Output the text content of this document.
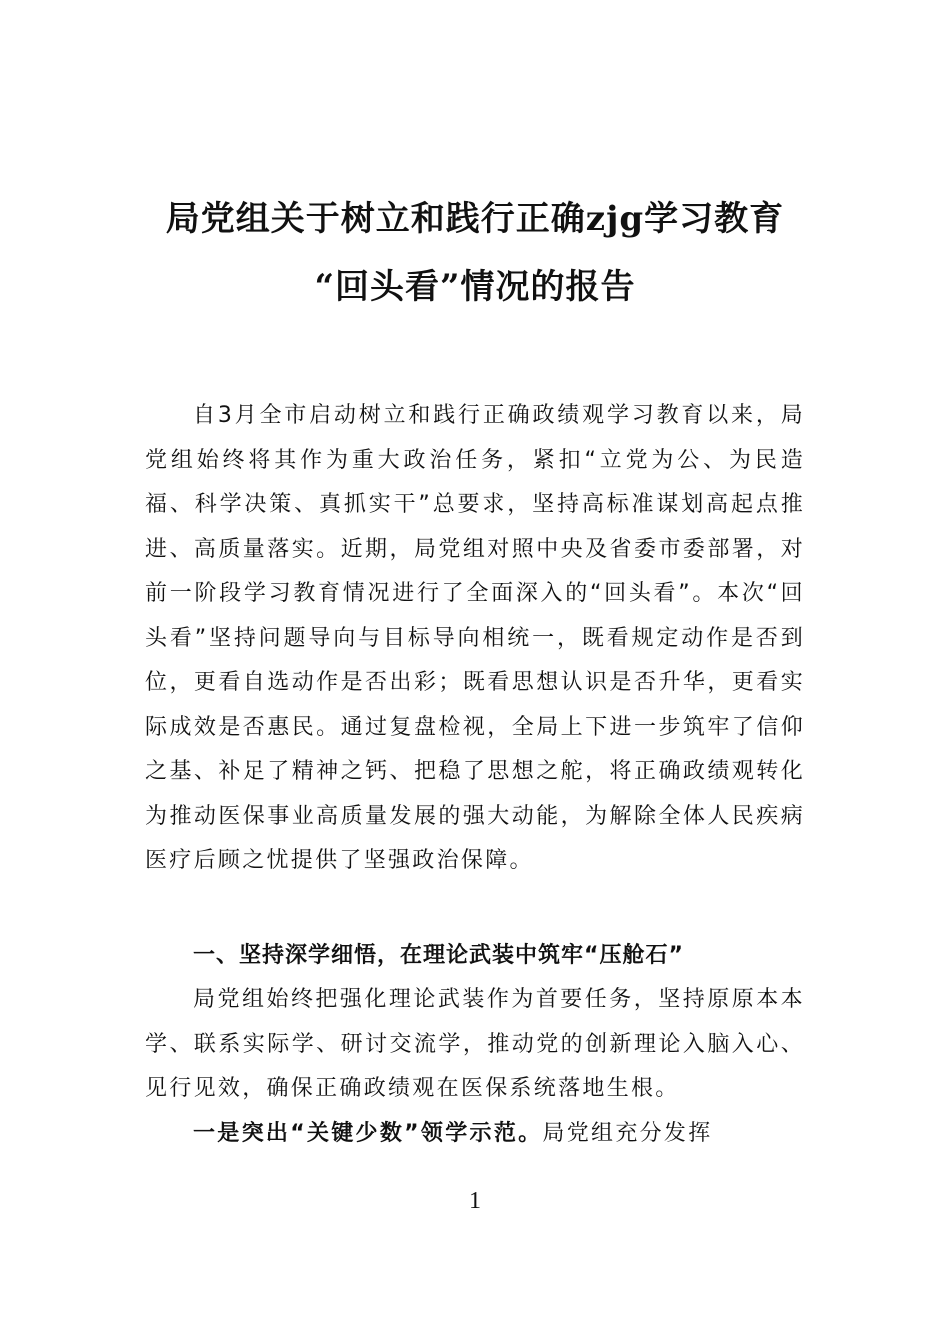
局党组关于树立和践行正确zjg学习教育
“回头看”情况的报告

自3月全市启动树立和践行正确政绩观学习教育以来，局党组始终将其作为重大政治任务，紧扣“立党为公、为民造福、科学决策、真抓实干”总要求，坚持高标准谋划高起点推进、高质量落实。近期，局党组对照中央及省委市委部署，对前一阶段学习教育情况进行了全面深入的“回头看”。本次“回头看”坚持问题导向与目标导向相统一，既看规定动作是否到位，更看自选动作是否出彩；既看思想认识是否升华，更看实际成效是否惠民。通过复盘检视，全局上下进一步筑牢了信仰之基、补足了精神之钙、把稳了思想之舵，将正确政绩观转化为推动医保事业高质量发展的强大动能，为解除全体人民疾病医疗后顾之忧提供了坚强政治保障。

一、坚持深学细悟，在理论武装中筑牢“压舱石”

局党组始终把强化理论武装作为首要任务，坚持原原本本学、联系实际学、研讨交流学，推动党的创新理论入脑入心、见行见效，确保正确政绩观在医保系统落地生根。

一是突出“关键少数”领学示范。局党组充分发挥

1
